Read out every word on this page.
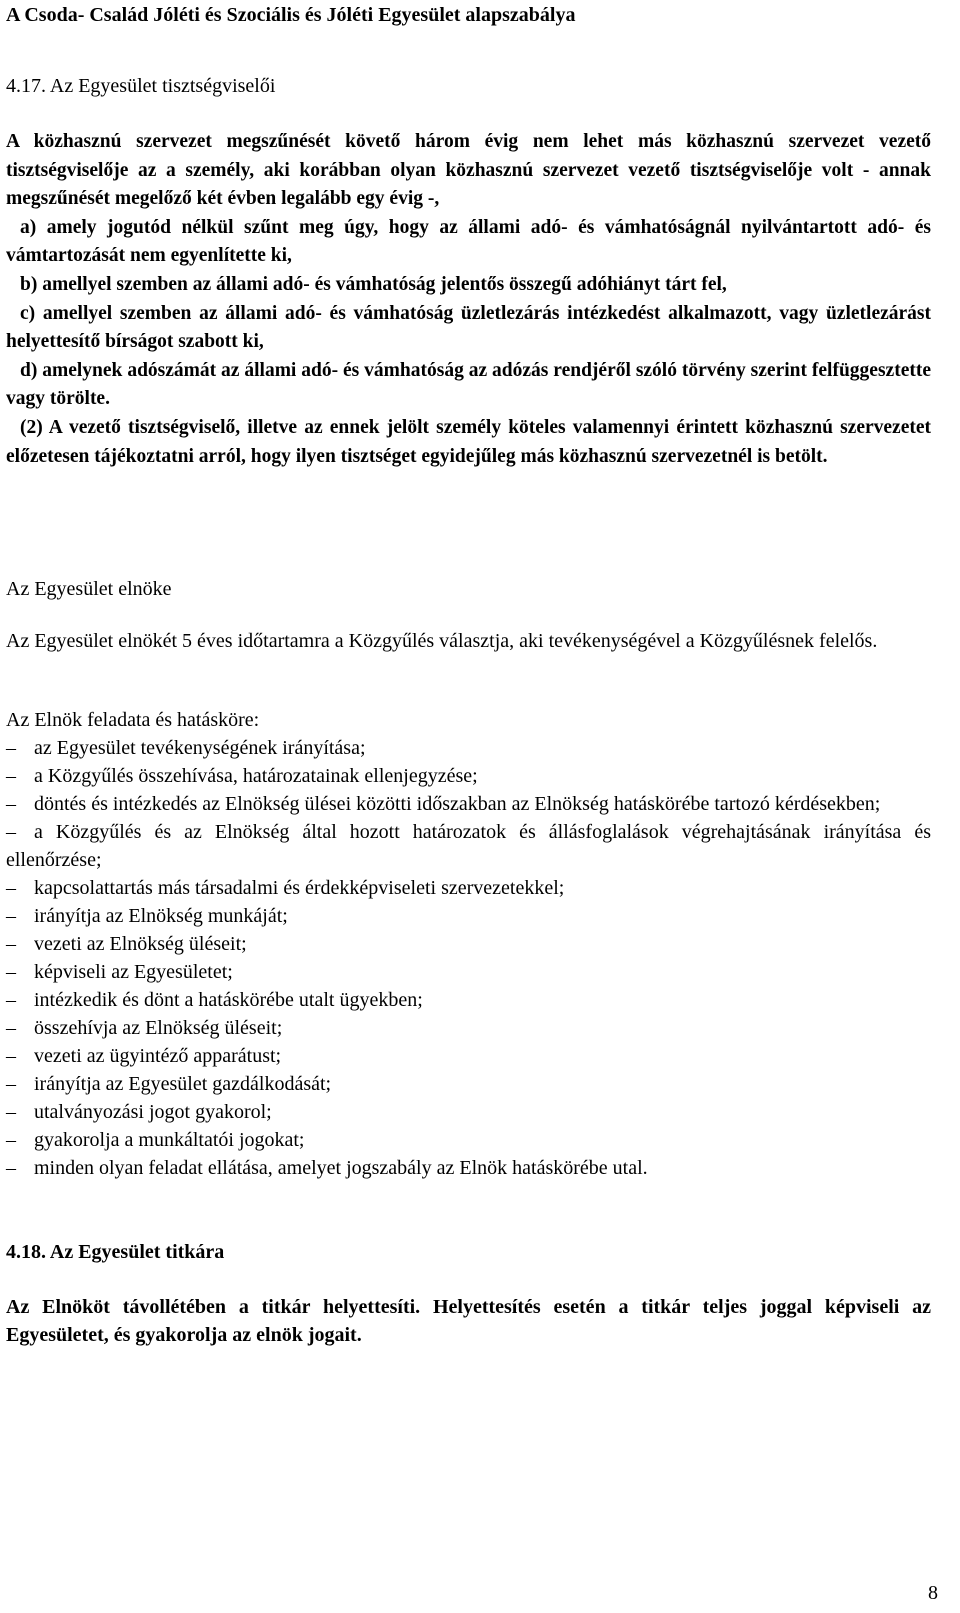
A Csoda- Család Jóléti és Szociális és Jóléti Egyesület alapszabálya
4.17. Az Egyesület tisztségviselői

A közhasznú szervezet megszűnését követő három évig nem lehet más közhasznú szervezet vezető tisztségviselője az a személy, aki korábban olyan közhasznú szervezet vezető tisztségviselője volt - annak megszűnését megelőző két évben legalább egy évig -,

a) amely jogutód nélkül szűnt meg úgy, hogy az állami adó- és vámhatóságnál nyilvántartott adó- és vámtartozását nem egyenlítette ki,

b) amellyel szemben az állami adó- és vámhatóság jelentős összegű adóhiányt tárt fel,

c) amellyel szemben az állami adó- és vámhatóság üzletlezárás intézkedést alkalmazott, vagy üzletlezárást helyettesítő bírságot szabott ki,

d) amelynek adószámát az állami adó- és vámhatóság az adózás rendjéről szóló törvény szerint felfüggesztette vagy törölte.

(2) A vezető tisztségviselő, illetve az ennek jelölt személy köteles valamennyi érintett közhasznú szervezetet előzetesen tájékoztatni arról, hogy ilyen tisztséget egyidejűleg más közhasznú szervezetnél is betölt.

Az Egyesület elnöke
Az Egyesület elnökét 5 éves időtartamra a Közgyűlés választja, aki tevékenységével a Közgyűlésnek felelős.

Az Elnök feladata és hatásköre:

– az Egyesület tevékenységének irányítása;

– a Közgyűlés összehívása, határozatainak ellenjegyzése;

– döntés és intézkedés az Elnökség ülései közötti időszakban az Elnökség hatáskörébe tartozó kérdésekben;

– a Közgyűlés és az Elnökség által hozott határozatok és állásfoglalások végrehajtásának irányítása és ellenőrzése;

– kapcsolattartás más társadalmi és érdekképviseleti szervezetekkel;

– irányítja az Elnökség munkáját;

– vezeti az Elnökség üléseit;

– képviseli az Egyesületet;

– intézkedik és dönt a hatáskörébe utalt ügyekben;

– összehívja az Elnökség üléseit;

– vezeti az ügyintéző apparátust;

– irányítja az Egyesület gazdálkodását;

– utalványozási jogot gyakorol;

– gyakorolja a munkáltatói jogokat;

– minden olyan feladat ellátása, amelyet jogszabály az Elnök hatáskörébe utal.

4.18. Az Egyesület titkára
Az Elnököt távollétében a titkár helyettesíti. Helyettesítés esetén a titkár teljes joggal képviseli az Egyesületet, és gyakorolja az elnök jogait.
8
